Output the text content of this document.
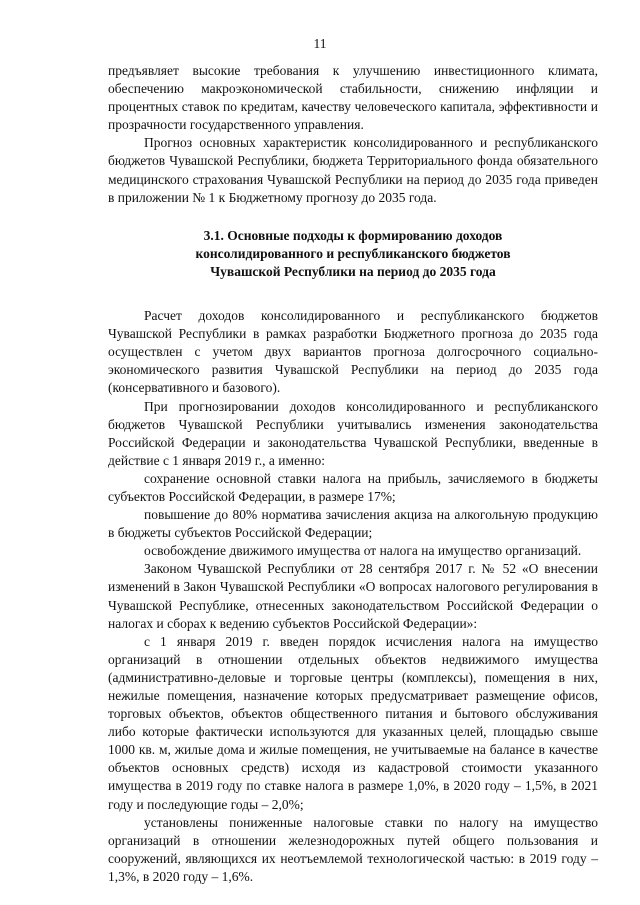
11

предъявляет высокие требования к улучшению инвестиционного климата, обеспечению макроэкономической стабильности, снижению инфляции и процентных ставок по кредитам, качеству человеческого капитала, эффективности и прозрачности государственного управления.

Прогноз основных характеристик консолидированного и республиканского бюджетов Чувашской Республики, бюджета Территориального фонда обязательного медицинского страхования Чувашской Республики на период до 2035 года приведен в приложении № 1 к Бюджетному прогнозу до 2035 года.

3.1. Основные подходы к формированию доходов
консолидированного и республиканского бюджетов
Чувашской Республики на период до 2035 года

Расчет доходов консолидированного и республиканского бюджетов Чувашской Республики в рамках разработки Бюджетного прогноза до 2035 года осуществлен с учетом двух вариантов прогноза долгосрочного социально-экономического развития Чувашской Республики на период до 2035 года (консервативного и базового).

При прогнозировании доходов консолидированного и республиканского бюджетов Чувашской Республики учитывались изменения законодательства Российской Федерации и законодательства Чувашской Республики, введенные в действие с 1 января 2019 г., а именно:

сохранение основной ставки налога на прибыль, зачисляемого в бюджеты субъектов Российской Федерации, в размере 17%;

повышение до 80% норматива зачисления акциза на алкогольную продукцию в бюджеты субъектов Российской Федерации;

освобождение движимого имущества от налога на имущество организаций.

Законом Чувашской Республики от 28 сентября 2017 г. № 52 «О внесении изменений в Закон Чувашской Республики «О вопросах налогового регулирования в Чувашской Республике, отнесенных законодательством Российской Федерации о налогах и сборах к ведению субъектов Российской Федерации»:

с 1 января 2019 г. введен порядок исчисления налога на имущество организаций в отношении отдельных объектов недвижимого имущества (административно-деловые и торговые центры (комплексы), помещения в них, нежилые помещения, назначение которых предусматривает размещение офисов, торговых объектов, объектов общественного питания и бытового обслуживания либо которые фактически используются для указанных целей, площадью свыше 1000 кв. м, жилые дома и жилые помещения, не учитываемые на балансе в качестве объектов основных средств) исходя из кадастровой стоимости указанного имущества в 2019 году по ставке налога в размере 1,0%, в 2020 году – 1,5%, в 2021 году и последующие годы – 2,0%;

установлены пониженные налоговые ставки по налогу на имущество организаций в отношении железнодорожных путей общего пользования и сооружений, являющихся их неотъемлемой технологической частью: в 2019 году – 1,3%, в 2020 году – 1,6%.
